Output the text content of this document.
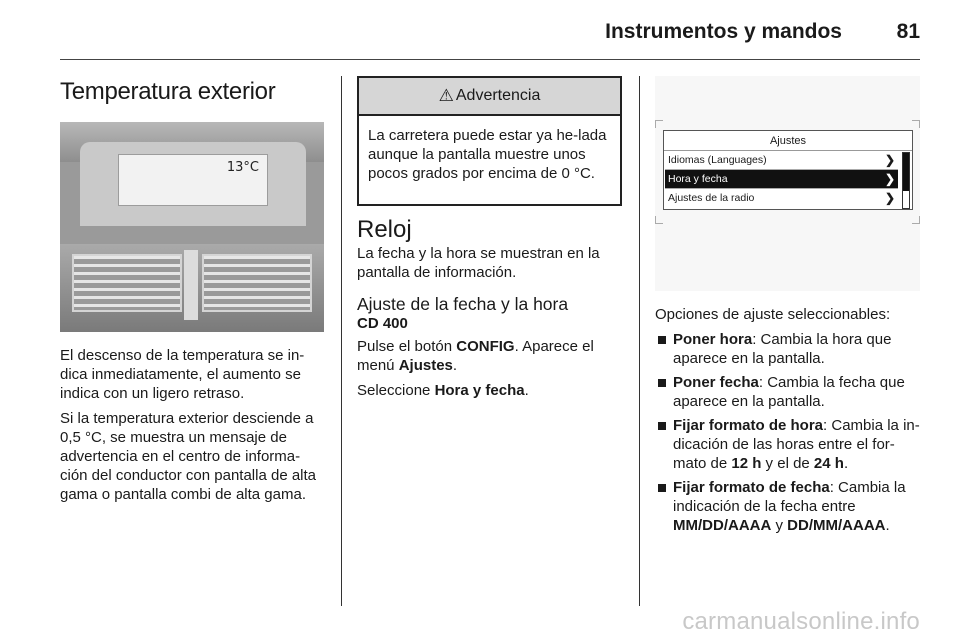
Instrumentos y mandos	81
Temperatura exterior
13°C

El descenso de la temperatura se in-dica inmediatamente, el aumento se indica con un ligero retraso.

Si la temperatura exterior desciende a 0,5 °C, se muestra un mensaje de advertencia en el centro de informa-ción del conductor con pantalla de alta gama o pantalla combi de alta gama.

⚠ Advertencia
La carretera puede estar ya he-lada aunque la pantalla muestre unos pocos grados por encima de 0 °C.
Reloj

La fecha y la hora se muestran en la pantalla de información.

Ajuste de la fecha y la hora
CD 400

Pulse el botón CONFIG. Aparece el menú Ajustes.

Seleccione Hora y fecha.

Ajustes
Idiomas (Languages)	❯
Hora y fecha	❯
Ajustes de la radio	❯

Opciones de ajuste seleccionables:

Poner hora: Cambia la hora que aparece en la pantalla.
Poner fecha: Cambia la fecha que aparece en la pantalla.
Fijar formato de hora: Cambia la in-dicación de las horas entre el for-mato de 12 h y el de 24 h.
Fijar formato de fecha: Cambia la indicación de la fecha entre MM/DD/AAAA y DD/MM/AAAA.
carmanualsonline.info
